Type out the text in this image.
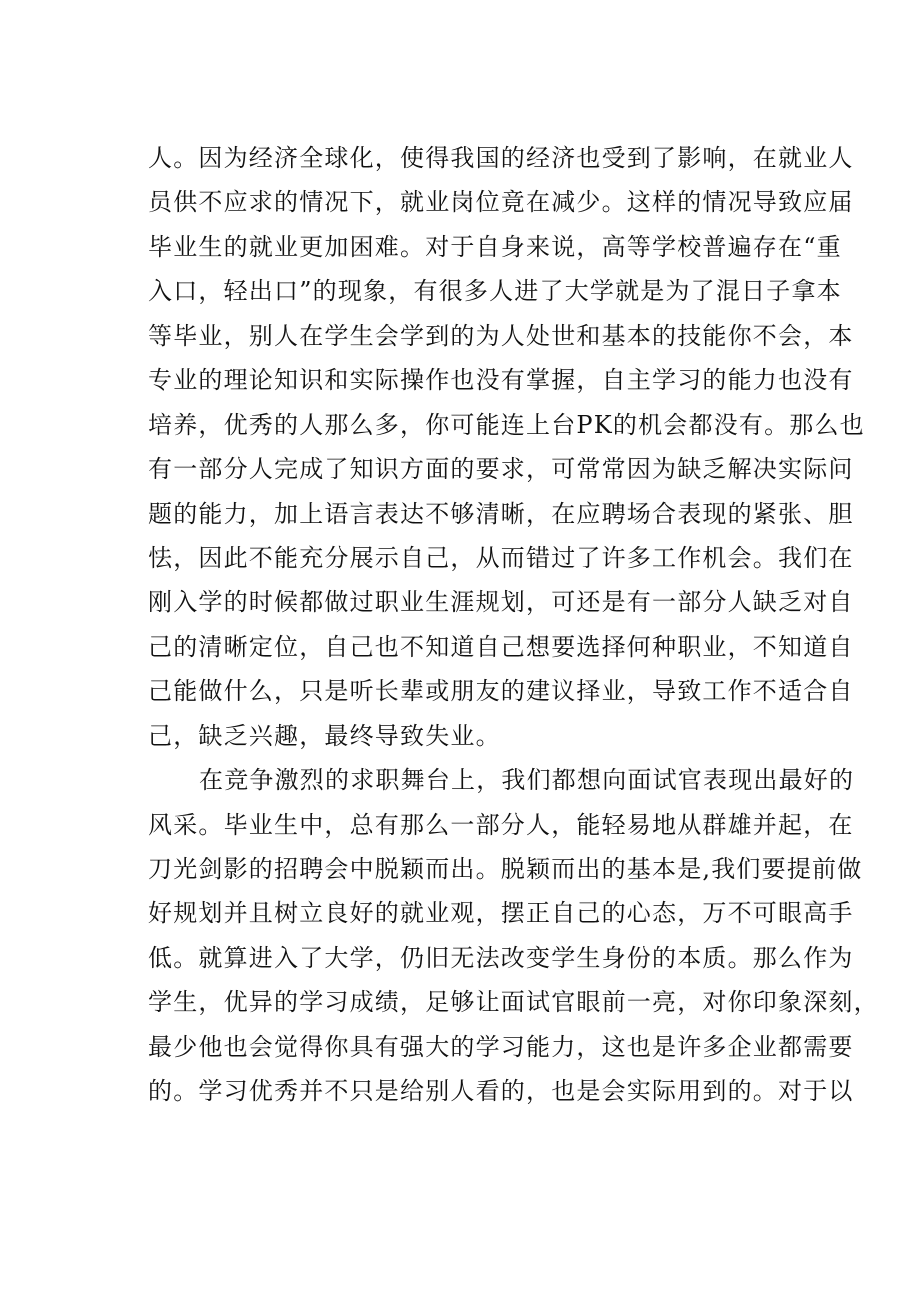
人。因为经济全球化，使得我国的经济也受到了影响，在就业人
员供不应求的情况下，就业岗位竟在减少。这样的情况导致应届
毕业生的就业更加困难。对于自身来说，高等学校普遍存在“重
入口，轻出口”的现象，有很多人进了大学就是为了混日子拿本
等毕业，别人在学生会学到的为人处世和基本的技能你不会，本
专业的理论知识和实际操作也没有掌握，自主学习的能力也没有
培养，优秀的人那么多，你可能连上台PK的机会都没有。那么也
有一部分人完成了知识方面的要求，可常常因为缺乏解决实际问
题的能力，加上语言表达不够清晰，在应聘场合表现的紧张、胆
怯，因此不能充分展示自己，从而错过了许多工作机会。我们在
刚入学的时候都做过职业生涯规划，可还是有一部分人缺乏对自
己的清晰定位，自己也不知道自己想要选择何种职业，不知道自
己能做什么，只是听长辈或朋友的建议择业，导致工作不适合自
己，缺乏兴趣，最终导致失业。
在竞争激烈的求职舞台上，我们都想向面试官表现出最好的
风采。毕业生中，总有那么一部分人，能轻易地从群雄并起，在
刀光剑影的招聘会中脱颖而出。脱颖而出的基本是,我们要提前做
好规划并且树立良好的就业观，摆正自己的心态，万不可眼高手
低。就算进入了大学，仍旧无法改变学生身份的本质。那么作为
学生，优异的学习成绩，足够让面试官眼前一亮，对你印象深刻，
最少他也会觉得你具有强大的学习能力，这也是许多企业都需要
的。学习优秀并不只是给别人看的，也是会实际用到的。对于以
